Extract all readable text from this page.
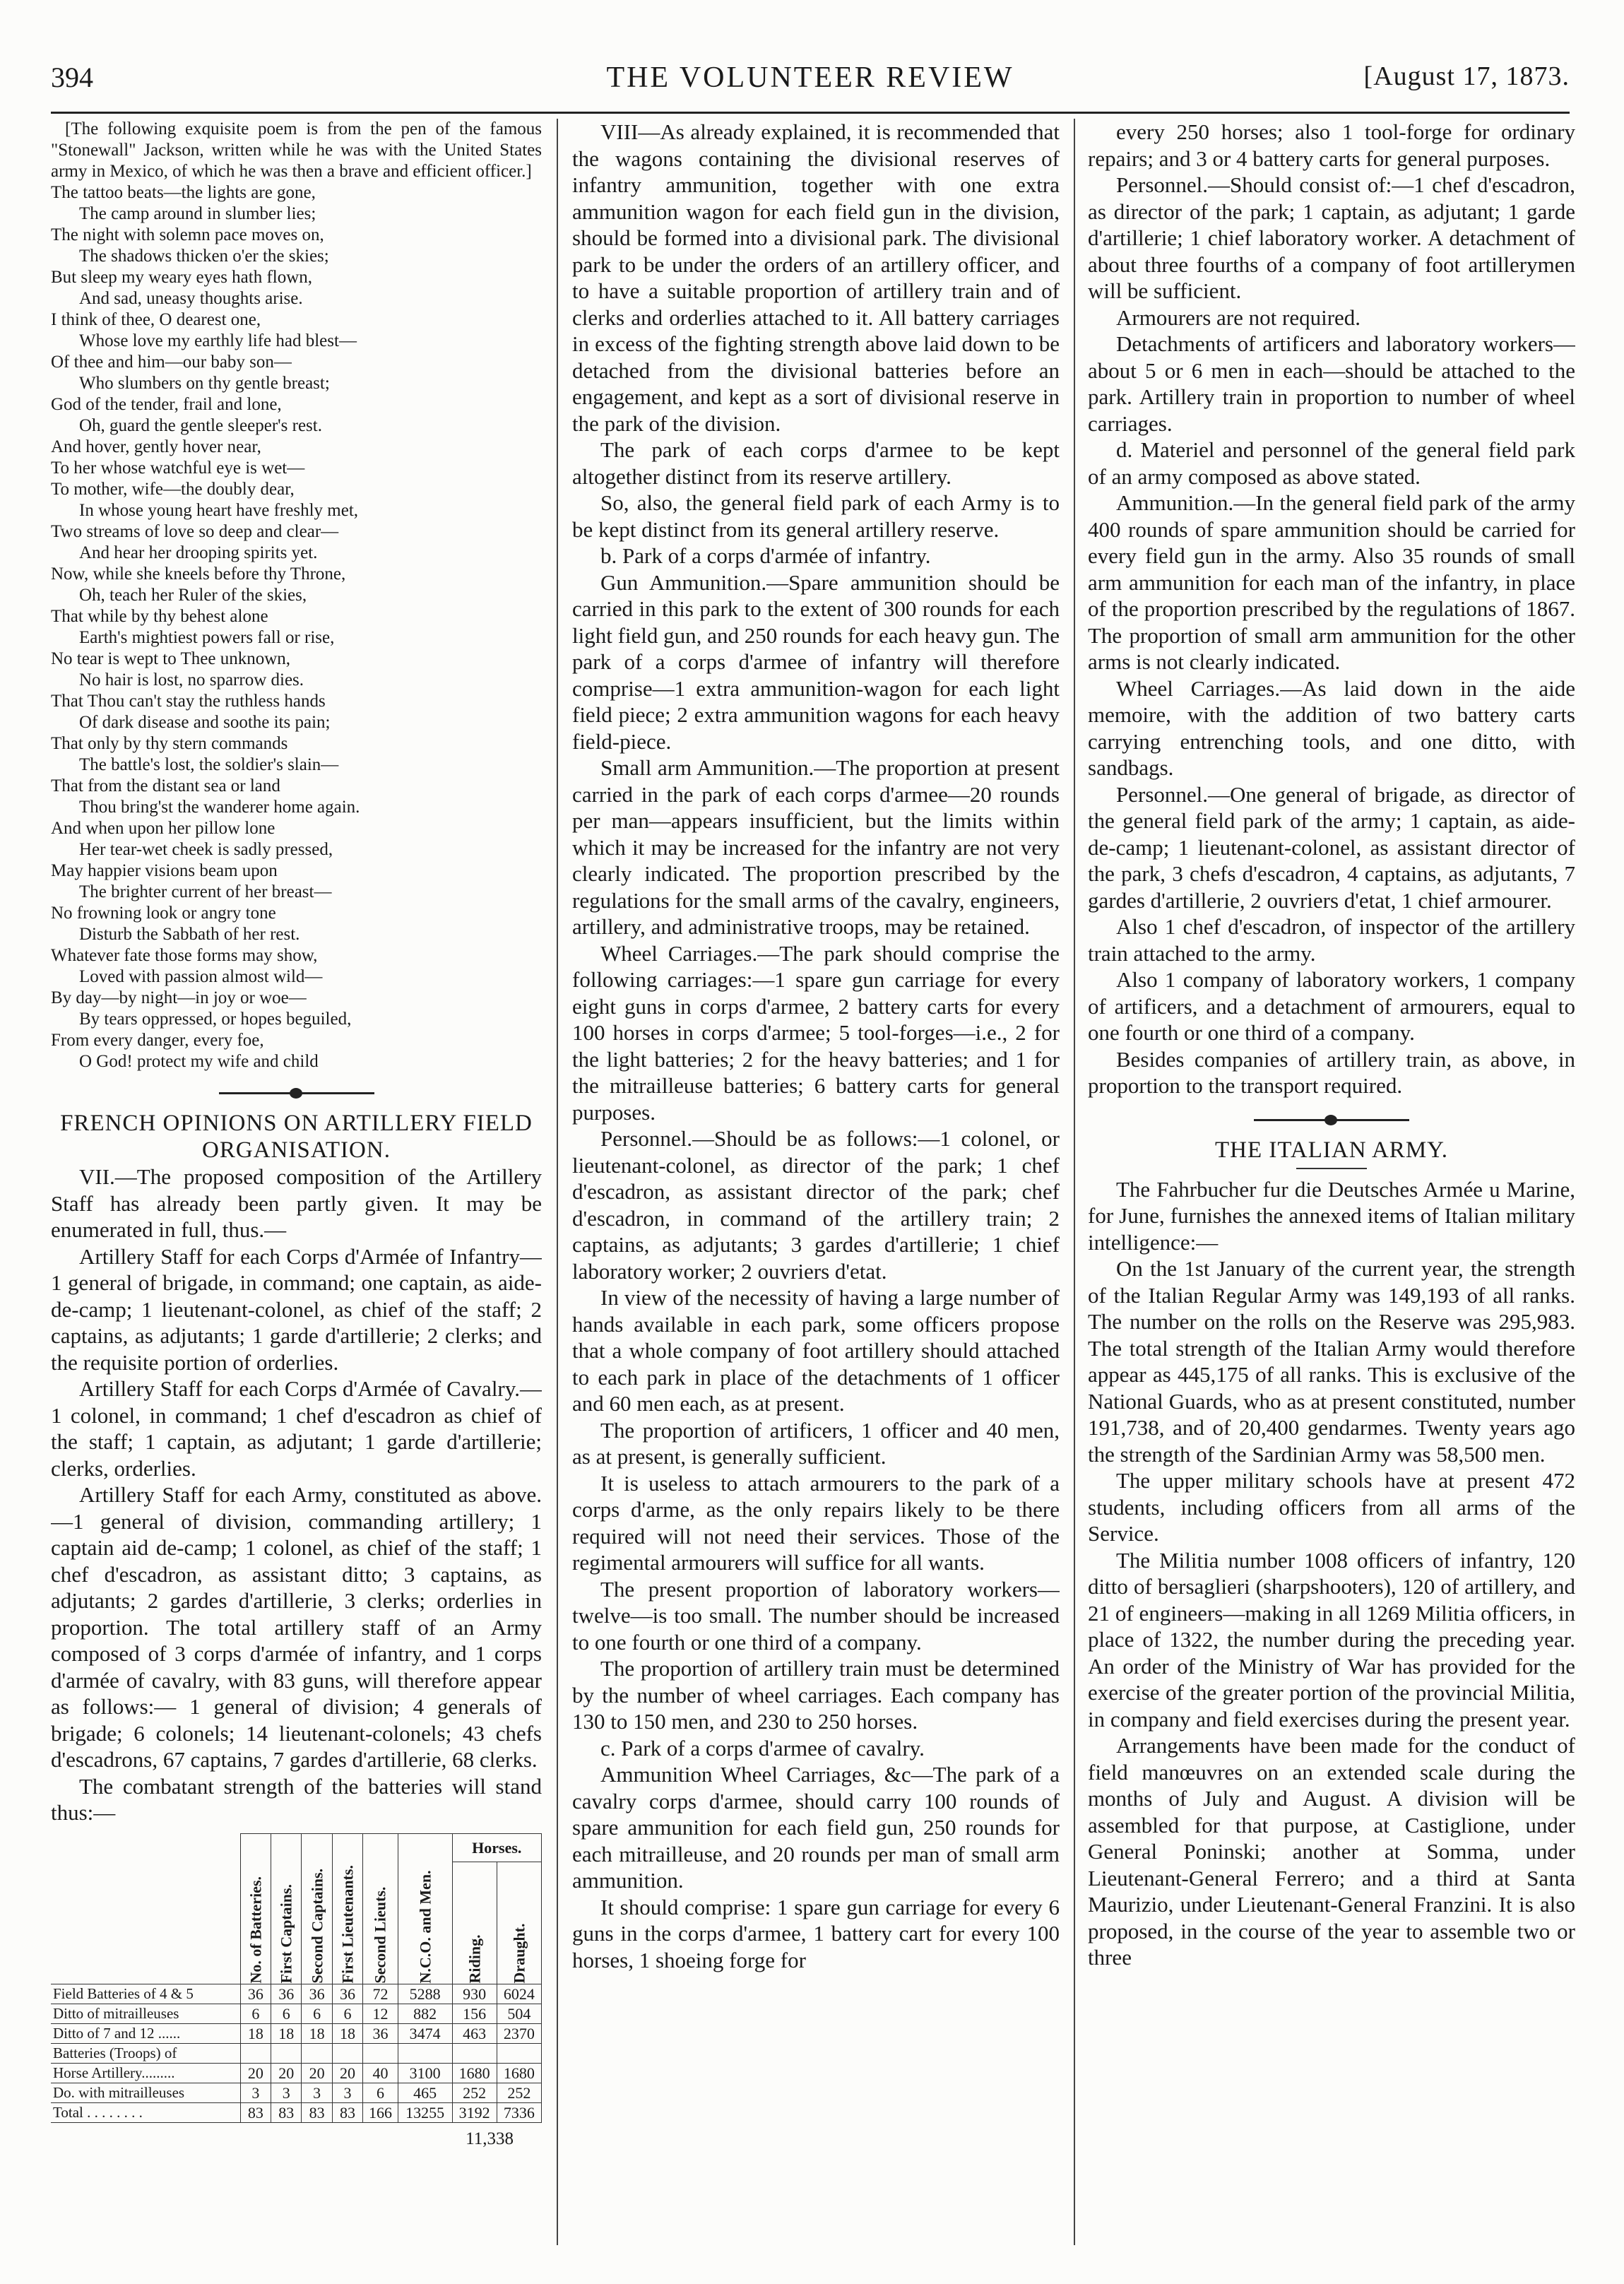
394	THE VOLUNTEER REVIEW	[August 17, 1873.

[The following exquisite poem is from the pen of the famous "Stonewall" Jackson, written while he was with the United States army in Mexico, of which he was then a brave and efficient officer.]

The tattoo beats—the lights are gone,

The camp around in slumber lies;

The night with solemn pace moves on,

The shadows thicken o'er the skies;

But sleep my weary eyes hath flown,

And sad, uneasy thoughts arise.

I think of thee, O dearest one,

Whose love my earthly life had blest—

Of thee and him—our baby son—

Who slumbers on thy gentle breast;

God of the tender, frail and lone,

Oh, guard the gentle sleeper's rest.

And hover, gently hover near,

To her whose watchful eye is wet—

To mother, wife—the doubly dear,

In whose young heart have freshly met,

Two streams of love so deep and clear—

And hear her drooping spirits yet.

Now, while she kneels before thy Throne,

Oh, teach her Ruler of the skies,

That while by thy behest alone

Earth's mightiest powers fall or rise,

No tear is wept to Thee unknown,

No hair is lost, no sparrow dies.

That Thou can't stay the ruthless hands

Of dark disease and soothe its pain;

That only by thy stern commands

The battle's lost, the soldier's slain—

That from the distant sea or land

Thou bring'st the wanderer home again.

And when upon her pillow lone

Her tear-wet cheek is sadly pressed,

May happier visions beam upon

The brighter current of her breast—

No frowning look or angry tone

Disturb the Sabbath of her rest.

Whatever fate those forms may show,

Loved with passion almost wild—

By day—by night—in joy or woe—

By tears oppressed, or hopes beguiled,

From every danger, every foe,

O God! protect my wife and child

FRENCH OPINIONS ON ARTILLERY FIELD ORGANISATION.

VII.—The proposed composition of the Artillery Staff has already been partly given. It may be enumerated in full, thus.—

Artillery Staff for each Corps d'Armée of Infantry—1 general of brigade, in command; one captain, as aide-de-camp; 1 lieutenant-colonel, as chief of the staff; 2 captains, as adjutants; 1 garde d'artillerie; 2 clerks; and the requisite portion of orderlies.

Artillery Staff for each Corps d'Armée of Cavalry.—1 colonel, in command; 1 chef d'escadron as chief of the staff; 1 captain, as adjutant; 1 garde d'artillerie; clerks, orderlies.

Artillery Staff for each Army, constituted as above.—1 general of division, commanding artillery; 1 captain aid de-camp; 1 colonel, as chief of the staff; 1 chef d'escadron, as assistant ditto; 3 captains, as adjutants; 2 gardes d'artillerie, 3 clerks; orderlies in proportion. The total artillery staff of an Army composed of 3 corps d'armée of infantry, and 1 corps d'armée of cavalry, with 83 guns, will therefore appear as follows:— 1 general of division; 4 generals of brigade; 6 colonels; 14 lieutenant-colonels; 43 chefs d'escadrons, 67 captains, 7 gardes d'artillerie, 68 clerks.

The combatant strength of the batteries will stand thus:—

	No. of Batteries.	First Captains.	Second Captains.	First Lieutenants.	Second Lieuts.	N.C.O. and Men.	Horses.	
							Riding.	Draught.
Field Batteries of 4 & 5	36	36	36	36	72	5288	930	6024
Ditto of mitrailleuses	6	6	6	6	12	882	156	504
Ditto of 7 and 12 ......	18	18	18	18	36	3474	463	2370
Batteries (Troops) of								
Horse Artillery.........	20	20	20	20	40	3100	1680	1680
Do. with mitrailleuses	3	3	3	3	6	465	252	252
Total . . . . . . . .	83	83	83	83	166	13255	3192	7336
11,338

VIII—As already explained, it is recommended that the wagons containing the divisional reserves of infantry ammunition, together with one extra ammunition wagon for each field gun in the division, should be formed into a divisional park. The divisional park to be under the orders of an artillery officer, and to have a suitable proportion of artillery train and of clerks and orderlies attached to it. All battery carriages in excess of the fighting strength above laid down to be detached from the divisional batteries before an engagement, and kept as a sort of divisional reserve in the park of the division.

The park of each corps d'armee to be kept altogether distinct from its reserve artillery.

So, also, the general field park of each Army is to be kept distinct from its general artillery reserve.

b. Park of a corps d'armée of infantry.

Gun Ammunition.—Spare ammunition should be carried in this park to the extent of 300 rounds for each light field gun, and 250 rounds for each heavy gun. The park of a corps d'armee of infantry will therefore comprise—1 extra ammunition-wagon for each light field piece; 2 extra ammunition wagons for each heavy field-piece.

Small arm Ammunition.—The proportion at present carried in the park of each corps d'armee—20 rounds per man—appears insufficient, but the limits within which it may be increased for the infantry are not very clearly indicated. The proportion prescribed by the regulations for the small arms of the cavalry, engineers, artillery, and administrative troops, may be retained.

Wheel Carriages.—The park should comprise the following carriages:—1 spare gun carriage for every eight guns in corps d'armee, 2 battery carts for every 100 horses in corps d'armee; 5 tool-forges—i.e., 2 for the light batteries; 2 for the heavy batteries; and 1 for the mitrailleuse batteries; 6 battery carts for general purposes.

Personnel.—Should be as follows:—1 colonel, or lieutenant-colonel, as director of the park; 1 chef d'escadron, as assistant director of the park; chef d'escadron, in command of the artillery train; 2 captains, as adjutants; 3 gardes d'artillerie; 1 chief laboratory worker; 2 ouvriers d'etat.

In view of the necessity of having a large number of hands available in each park, some officers propose that a whole company of foot artillery should attached to each park in place of the detachments of 1 officer and 60 men each, as at present.

The proportion of artificers, 1 officer and 40 men, as at present, is generally sufficient.

It is useless to attach armourers to the park of a corps d'arme, as the only repairs likely to be there required will not need their services. Those of the regimental armourers will suffice for all wants.

The present proportion of laboratory workers—twelve—is too small. The number should be increased to one fourth or one third of a company.

The proportion of artillery train must be determined by the number of wheel carriages. Each company has 130 to 150 men, and 230 to 250 horses.

c. Park of a corps d'armee of cavalry.

Ammunition Wheel Carriages, &c—The park of a cavalry corps d'armee, should carry 100 rounds of spare ammunition for each field gun, 250 rounds for each mitrailleuse, and 20 rounds per man of small arm ammunition.

It should comprise: 1 spare gun carriage for every 6 guns in the corps d'armee, 1 battery cart for every 100 horses, 1 shoeing forge for

every 250 horses; also 1 tool-forge for ordinary repairs; and 3 or 4 battery carts for general purposes.

Personnel.—Should consist of:—1 chef d'escadron, as director of the park; 1 captain, as adjutant; 1 garde d'artillerie; 1 chief laboratory worker. A detachment of about three fourths of a company of foot artillerymen will be sufficient.

Armourers are not required.

Detachments of artificers and laboratory workers—about 5 or 6 men in each—should be attached to the park. Artillery train in proportion to number of wheel carriages.

d. Materiel and personnel of the general field park of an army composed as above stated.

Ammunition.—In the general field park of the army 400 rounds of spare ammunition should be carried for every field gun in the army. Also 35 rounds of small arm ammunition for each man of the infantry, in place of the proportion prescribed by the regulations of 1867. The proportion of small arm ammunition for the other arms is not clearly indicated.

Wheel Carriages.—As laid down in the aide memoire, with the addition of two battery carts carrying entrenching tools, and one ditto, with sandbags.

Personnel.—One general of brigade, as director of the general field park of the army; 1 captain, as aide-de-camp; 1 lieutenant-colonel, as assistant director of the park, 3 chefs d'escadron, 4 captains, as adjutants, 7 gardes d'artillerie, 2 ouvriers d'etat, 1 chief armourer.

Also 1 chef d'escadron, of inspector of the artillery train attached to the army.

Also 1 company of laboratory workers, 1 company of artificers, and a detachment of armourers, equal to one fourth or one third of a company.

Besides companies of artillery train, as above, in proportion to the transport required.

THE ITALIAN ARMY.

The Fahrbucher fur die Deutsches Armée u Marine, for June, furnishes the annexed items of Italian military intelligence:—

On the 1st January of the current year, the strength of the Italian Regular Army was 149,193 of all ranks. The number on the rolls on the Reserve was 295,983. The total strength of the Italian Army would therefore appear as 445,175 of all ranks. This is exclusive of the National Guards, who as at present constituted, number 191,738, and of 20,400 gendarmes. Twenty years ago the strength of the Sardinian Army was 58,500 men.

The upper military schools have at present 472 students, including officers from all arms of the Service.

The Militia number 1008 officers of infantry, 120 ditto of bersaglieri (sharpshooters), 120 of artillery, and 21 of engineers—making in all 1269 Militia officers, in place of 1322, the number during the preceding year. An order of the Ministry of War has provided for the exercise of the greater portion of the provincial Militia, in company and field exercises during the present year.

Arrangements have been made for the conduct of field manœuvres on an extended scale during the months of July and August. A division will be assembled for that purpose, at Castiglione, under General Poninski; another at Somma, under Lieutenant-General Ferrero; and a third at Santa Maurizio, under Lieutenant-General Franzini. It is also proposed, in the course of the year to assemble two or three
